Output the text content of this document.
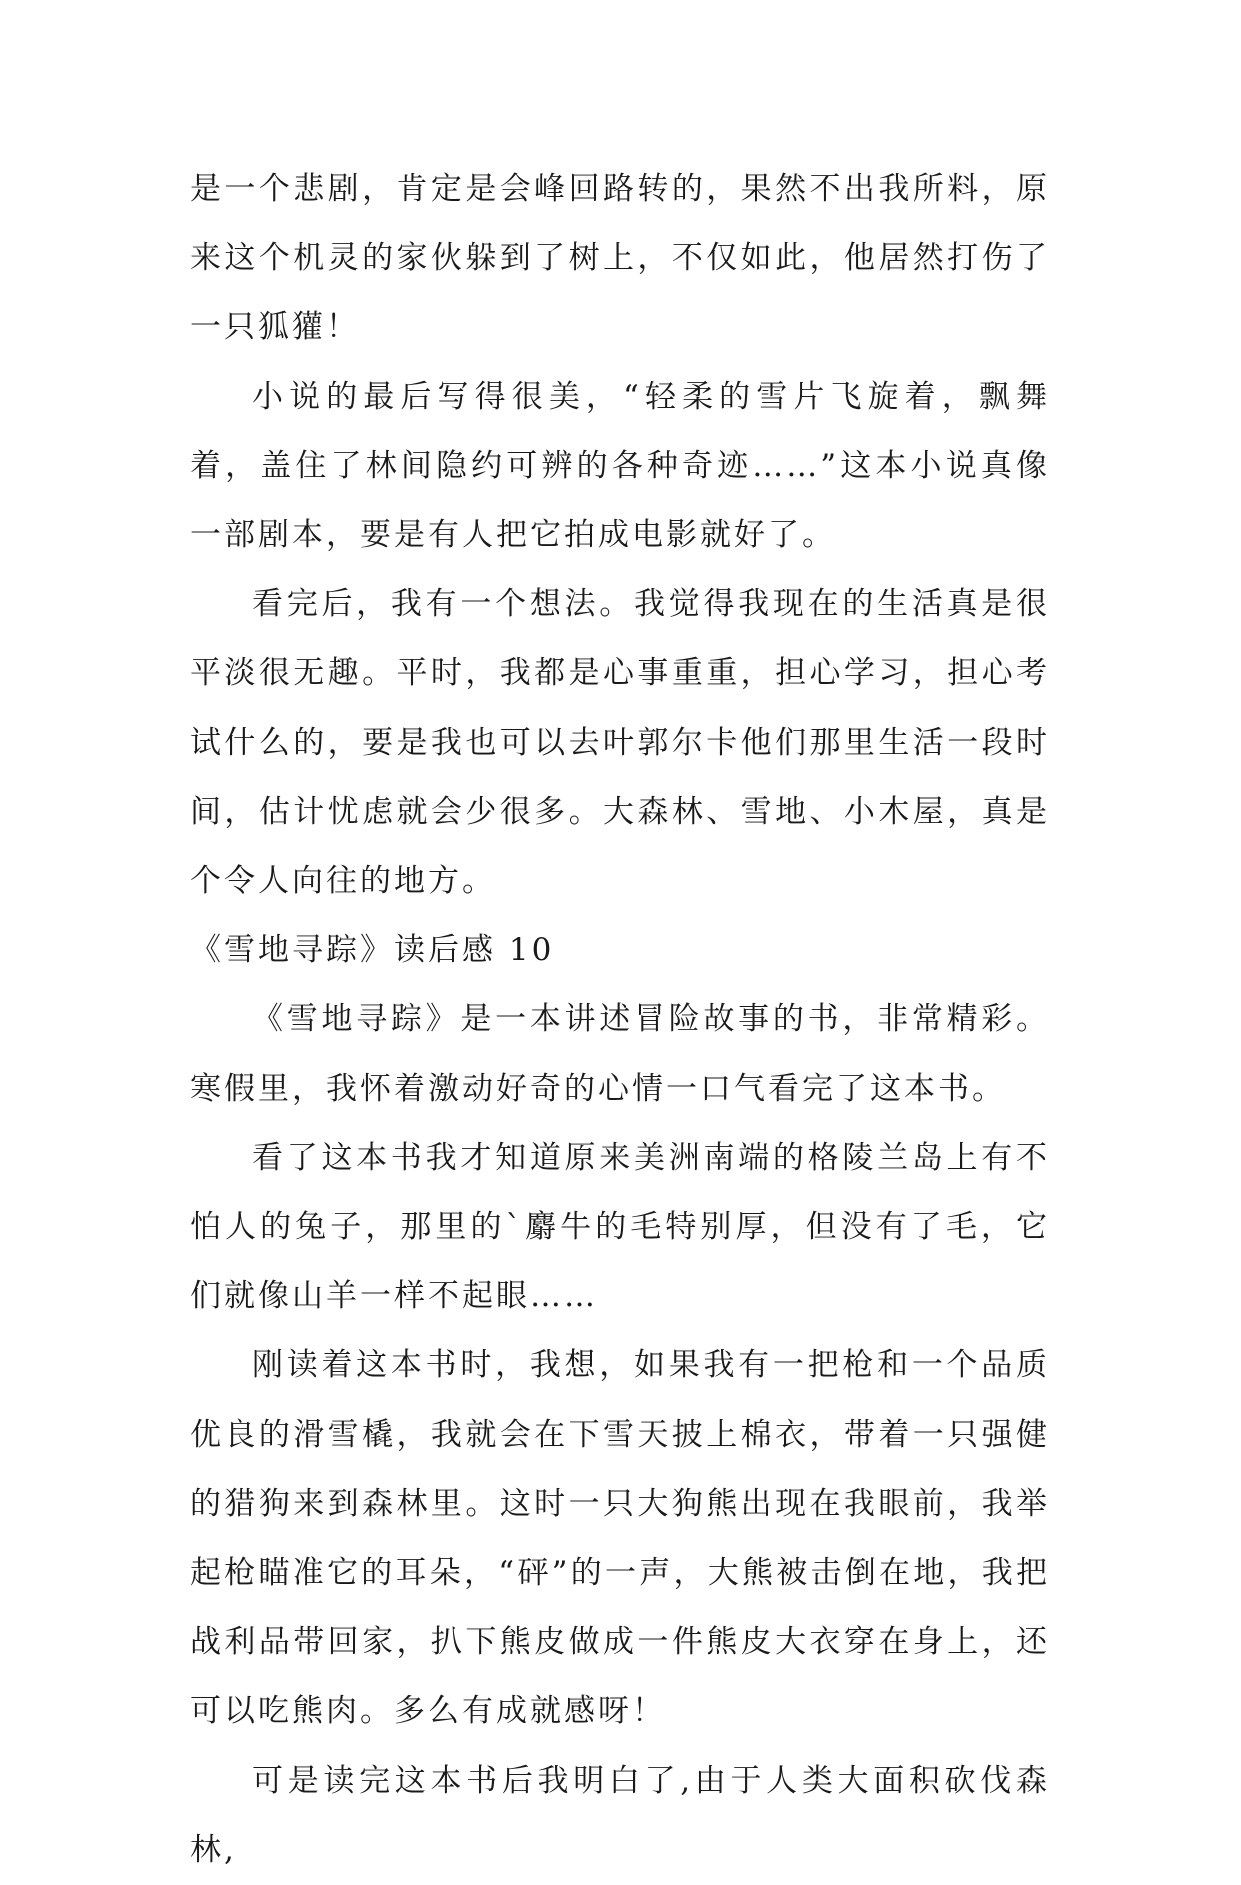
是一个悲剧，肯定是会峰回路转的，果然不出我所料，原来这个机灵的家伙躲到了树上，不仅如此，他居然打伤了一只狐獾！

小说的最后写得很美，“轻柔的雪片飞旋着，飘舞着，盖住了林间隐约可辨的各种奇迹……”这本小说真像一部剧本，要是有人把它拍成电影就好了。

看完后，我有一个想法。我觉得我现在的生活真是很平淡很无趣。平时，我都是心事重重，担心学习，担心考试什么的，要是我也可以去叶郭尔卡他们那里生活一段时间，估计忧虑就会少很多。大森林、雪地、小木屋，真是个令人向往的地方。

《雪地寻踪》读后感 10

《雪地寻踪》是一本讲述冒险故事的书，非常精彩。寒假里，我怀着激动好奇的心情一口气看完了这本书。

看了这本书我才知道原来美洲南端的格陵兰岛上有不怕人的兔子，那里的`麝牛的毛特别厚，但没有了毛，它们就像山羊一样不起眼……

刚读着这本书时，我想，如果我有一把枪和一个品质优良的滑雪橇，我就会在下雪天披上棉衣，带着一只强健的猎狗来到森林里。这时一只大狗熊出现在我眼前，我举起枪瞄准它的耳朵，“砰”的一声，大熊被击倒在地，我把战利品带回家，扒下熊皮做成一件熊皮大衣穿在身上，还可以吃熊肉。多么有成就感呀！

可是读完这本书后我明白了,由于人类大面积砍伐森林,
